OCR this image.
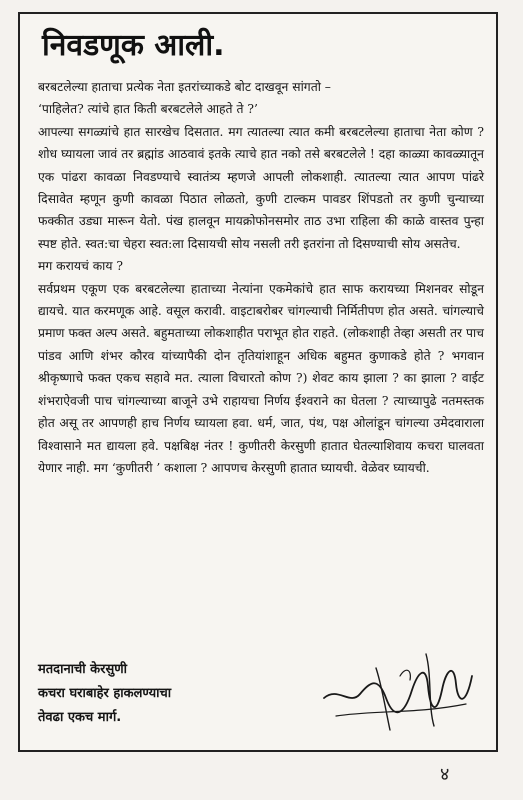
निवडणूक आली.

बरबटलेल्या हाताचा प्रत्येक नेता इतरांच्याकडे बोट दाखवून सांगतो –

‘पाहिलेत? त्यांचे हात किती बरबटलेले आहते ते ?’

आपल्या सगळ्यांचे हात सारखेच दिसतात. मग त्यातल्या त्यात कमी बरबटलेल्या हाताचा नेता कोण ? शोध घ्यायला जावं तर ब्रह्मांड आठवावं इतके त्याचे हात नको तसे बरबटलेले ! दहा काळ्या कावळ्यातून एक पांढरा कावळा निवडण्याचे स्वातंत्र्य म्हणजे आपली लोकशाही. त्यातल्या त्यात आपण पांढरे दिसावेत म्हणून कुणी कावळा पिठात लोळतो, कुणी टाल्कम पावडर शिंपडतो तर कुणी चुन्याच्या फक्कीत उड्या मारून येतो. पंख हालवून मायक्रोफोनसमोर ताठ उभा राहिला की काळे वास्तव पुन्हा स्पष्ट होते. स्वत:चा चेहरा स्वत:ला दिसायची सोय नसली तरी इतरांना तो दिसण्याची सोय असतेच.

मग करायचं काय ?

सर्वप्रथम एकूण एक बरबटलेल्या हाताच्या नेत्यांना एकमेकांचे हात साफ करायच्या मिशनवर सोडून द्यायचे. यात करमणूक आहे. वसूल करावी. वाइटाबरोबर चांगल्याची निर्मितीपण होत असते. चांगल्याचे प्रमाण फक्त अल्प असते. बहुमताच्या लोकशाहीत पराभूत होत राहते. (लोकशाही तेव्हा असती तर पाच पांडव आणि शंभर कौरव यांच्यापैकी दोन तृतियांशाहून अधिक बहुमत कुणाकडे होते ? भगवान श्रीकृष्णाचे फक्त एकच सहावे मत. त्याला विचारतो कोण ?) शेवट काय झाला ? का झाला ? वाईट शंभराऐवजी पाच चांगल्याच्या बाजूने उभे राहायचा निर्णय ईश्वराने का घेतला ? त्याच्यापुढे नतमस्तक होत असू तर आपणही हाच निर्णय घ्यायला हवा. धर्म, जात, पंथ, पक्ष ओलांडून चांगल्या उमेदवाराला विश्वासाने मत द्यायला हवे. पक्षबिक्ष नंतर ! कुणीतरी केरसुणी हातात घेतल्याशिवाय कचरा घालवता येणार नाही. मग ‘कुणीतरी ’ कशाला ? आपणच केरसुणी हातात घ्यायची. वेळेवर घ्यायची.

मतदानाची केरसुणी
कचरा घराबाहेर हाकलण्याचा
तेवढा एकच मार्ग.
४
